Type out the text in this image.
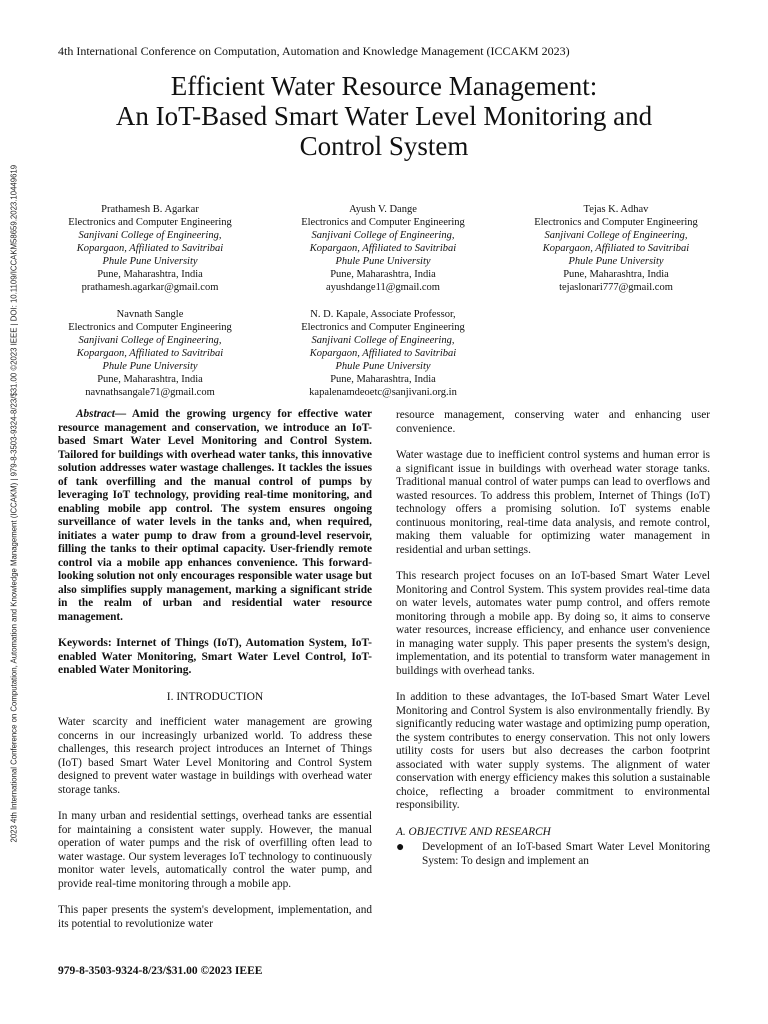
4th International Conference on Computation, Automation and Knowledge Management (ICCAKM 2023)
Efficient Water Resource Management:
An IoT-Based Smart Water Level Monitoring and
Control System
2023 4th International Conference on Computation, Automation and Knowledge Management (ICCAKM) | 979-8-3503-9324-8/23/$31.00 ©2023 IEEE | DOI: 10.1109/ICCAKM58659.2023.10449619	Prathamesh B. Agarkar
Electronics and Computer Engineering
Sanjivani College of Engineering,
Kopargaon, Affiliated to Savitribai
Phule Pune University
Pune, Maharashtra, India
prathamesh.agarkar@gmail.com
Ayush V. Dange
Electronics and Computer Engineering
Sanjivani College of Engineering,
Kopargaon, Affiliated to Savitribai
Phule Pune University
Pune, Maharashtra, India
ayushdange11@gmail.com
Tejas K. Adhav
Electronics and Computer Engineering
Sanjivani College of Engineering,
Kopargaon, Affiliated to Savitribai
Phule Pune University
Pune, Maharashtra, India
tejaslonari777@gmail.com
Navnath Sangle
Electronics and Computer Engineering
Sanjivani College of Engineering,
Kopargaon, Affiliated to Savitribai
Phule Pune University
Pune, Maharashtra, India
navnathsangale71@gmail.com
N. D. Kapale, Associate Professor,
Electronics and Computer Engineering
Sanjivani College of Engineering,
Kopargaon, Affiliated to Savitribai
Phule Pune University
Pune, Maharashtra, India
kapalenamdeoetc@sanjivani.org.in

Abstract— Amid the growing urgency for effective water resource management and conservation, we introduce an IoT-based Smart Water Level Monitoring and Control System. Tailored for buildings with overhead water tanks, this innovative solution addresses water wastage challenges. It tackles the issues of tank overfilling and the manual control of pumps by leveraging IoT technology, providing real-time monitoring, and enabling mobile app control. The system ensures ongoing surveillance of water levels in the tanks and, when required, initiates a water pump to draw from a ground-level reservoir, filling the tanks to their optimal capacity. User-friendly remote control via a mobile app enhances convenience. This forward-looking solution not only encourages responsible water usage but also simplifies supply management, marking a significant stride in the realm of urban and residential water resource management.

Keywords: Internet of Things (IoT), Automation System, IoT-enabled Water Monitoring, Smart Water Level Control, IoT-enabled Water Monitoring.

I. INTRODUCTION

Water scarcity and inefficient water management are growing concerns in our increasingly urbanized world. To address these challenges, this research project introduces an Internet of Things (IoT) based Smart Water Level Monitoring and Control System designed to prevent water wastage in buildings with overhead water storage tanks.

In many urban and residential settings, overhead tanks are essential for maintaining a consistent water supply. However, the manual operation of water pumps and the risk of overfilling often lead to water wastage. Our system leverages IoT technology to continuously monitor water levels, automatically control the water pump, and provide real-time monitoring through a mobile app.

This paper presents the system's development, implementation, and its potential to revolutionize water

resource management, conserving water and enhancing user convenience.

Water wastage due to inefficient control systems and human error is a significant issue in buildings with overhead water storage tanks. Traditional manual control of water pumps can lead to overflows and wasted resources. To address this problem, Internet of Things (IoT) technology offers a promising solution. IoT systems enable continuous monitoring, real-time data analysis, and remote control, making them valuable for optimizing water management in residential and urban settings.

This research project focuses on an IoT-based Smart Water Level Monitoring and Control System. This system provides real-time data on water levels, automates water pump control, and offers remote monitoring through a mobile app. By doing so, it aims to conserve water resources, increase efficiency, and enhance user convenience in managing water supply. This paper presents the system's design, implementation, and its potential to transform water management in buildings with overhead tanks.

In addition to these advantages, the IoT-based Smart Water Level Monitoring and Control System is also environmentally friendly. By significantly reducing water wastage and optimizing pump operation, the system contributes to energy conservation. This not only lowers utility costs for users but also decreases the carbon footprint associated with water supply systems. The alignment of water conservation with energy efficiency makes this solution a sustainable choice, reflecting a broader commitment to environmental responsibility.

A. OBJECTIVE AND RESEARCH
●	Development of an IoT-based Smart Water Level Monitoring System: To design and implement an
979-8-3503-9324-8/23/$31.00 ©2023 IEEE
